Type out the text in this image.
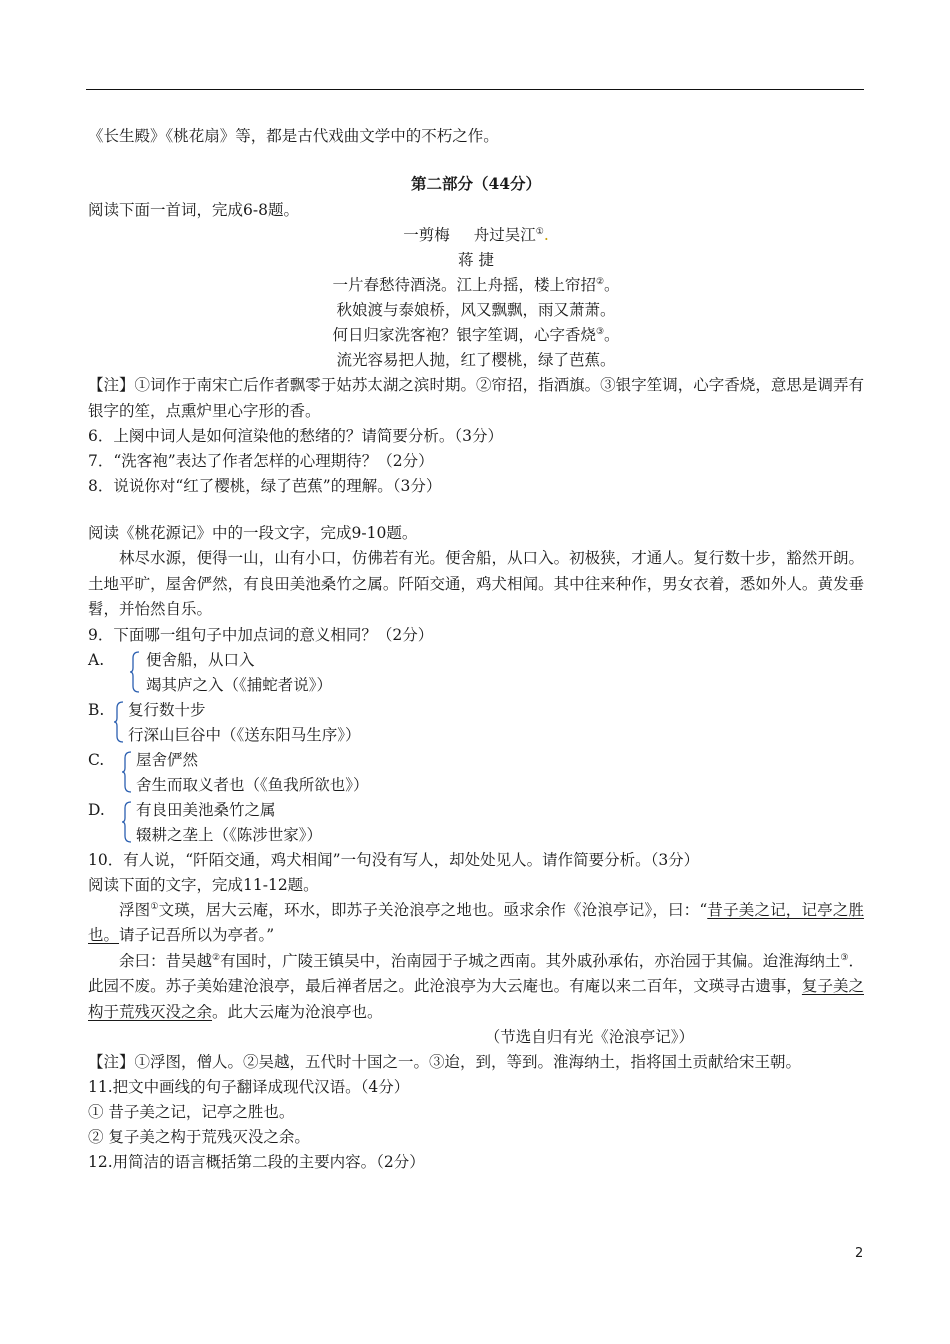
《长生殿》《桃花扇》等，都是古代戏曲文学中的不朽之作。
第二部分（44分）
阅读下面一首词，完成6-8题。
一剪梅 舟过吴江①.
蒋 捷
一片春愁待酒浇。江上舟摇，楼上帘招②。
秋娘渡与泰娘桥，风又飘飘，雨又萧萧。
何日归家洗客袍？银字笙调，心字香烧③。
流光容易把人抛，红了樱桃，绿了芭蕉。
【注】①词作于南宋亡后作者飘零于姑苏太湖之滨时期。②帘招，指酒旗。③银字笙调，心字香烧，意思是调弄有银字的笙，点熏炉里心字形的香。
6．上阕中词人是如何渲染他的愁绪的？请简要分析。（3分）
7．“洗客袍”表达了作者怎样的心理期待？（2分）
8．说说你对“红了樱桃，绿了芭蕉”的理解。（3分）
阅读《桃花源记》中的一段文字，完成9-10题。
林尽水源，便得一山，山有小口，仿佛若有光。便舍船，从口入。初极狭，才通人。复行数十步，豁然开朗。土地平旷，屋舍俨然，有良田美池桑竹之属。阡陌交通，鸡犬相闻。其中往来种作，男女衣着，悉如外人。黄发垂髫，并怡然自乐。
9．下面哪一组句子中加点词的意义相同？（2分）
A.	便舍船，从口入
竭其庐之入（《捕蛇者说》）
B. 复行数十步
行深山巨谷中（《送东阳马生序》）
C. 屋舍俨然
舍生而取义者也（《鱼我所欲也》）
D. 有良田美池桑竹之属
辍耕之垄上（《陈涉世家》）
10．有人说，“阡陌交通，鸡犬相闻”一句没有写人，却处处见人。请作简要分析。（3分）
阅读下面的文字，完成11-12题。
浮图①文瑛，居大云庵，环水，即苏子关沧浪亭之地也。亟求余作《沧浪亭记》，曰：“昔子美之记，记亭之胜也。请子记吾所以为亭者。”
余曰：昔吴越②有国时，广陵王镇吴中，治南园于子城之西南。其外戚孙承佑，亦治园于其偏。迨淮海纳土③．此园不废。苏子美始建沧浪亭，最后禅者居之。此沧浪亭为大云庵也。有庵以来二百年，文瑛寻古遗事，复子美之构于荒残灭没之余。此大云庵为沧浪亭也。
（节选自归有光《沧浪亭记》）
【注】①浮图，僧人。②吴越，五代时十国之一。③迨，到，等到。淮海纳土，指将国土贡献给宋王朝。
11.把文中画线的句子翻译成现代汉语。（4分）
① 昔子美之记，记亭之胜也。
② 复子美之构于荒残灭没之余。
12.用简洁的语言概括第二段的主要内容。（2分）
2
